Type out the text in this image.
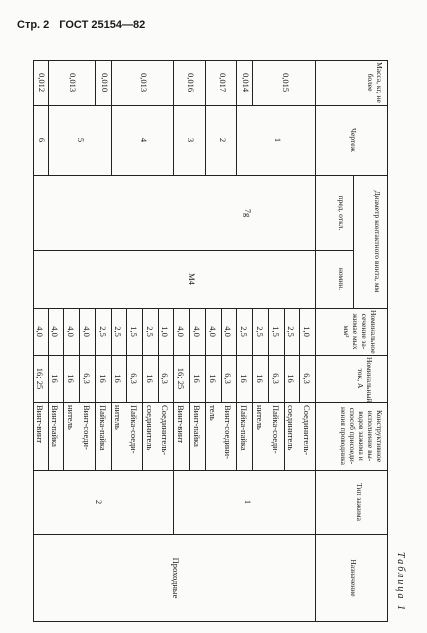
Стр. 2 ГОСТ 25154—82
Таблица 1
Масса, кг, не более
Чертеж
Диаметр контактного винта, мм
пред. откл.
номин.
Номинальное сечение за- жимае мых мм²
Номинальный ток, А
Конструктивное исполнение вы- водов зажима и способ присоеди- нения проводника
Тип зажима
Назначение
Соединитель-
6,3
1,0
соединитель
16
2,5
Пайка-соеди-
6,3
1,5
нитель
16
2,5
Пайка-пайка
16
2,5
Винт-соедини-
6,3
4,0
тель
16
4,0
Винт-пайка
16
4,0
Винт-винт
16; 25
4,0
Соединитель-
6,3
1,0
соединитель
16
2,5
Пайка-соеди-
6,3
1,5
нитель
16
2,5
Пайка-пайка
16
2,5
Винт-соеди-
6,3
4,0
нитель
16
4,0
Винт-пайка
16
4,0
Винт-винт
16; 25
4,0
1
2
Проходные
М4
7g
1
2
3
4
5
6
0,015
0,014
0,017
0,016
0,013
0,010
0,013
0,012
